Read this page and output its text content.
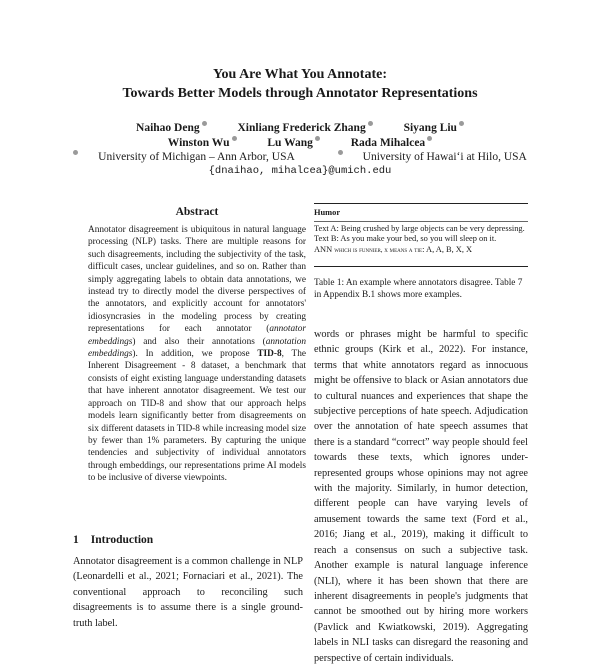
You Are What You Annotate:
Towards Better Models through Annotator Representations
Naihao Deng	Xinliang Frederick Zhang	Siyang Liu
Winston Wu	Lu Wang	Rada Mihalcea
University of Michigan – Ann Arbor, USA	University of Hawaiʻi at Hilo, USA
{dnaihao, mihalcea}@umich.edu
Abstract
Annotator disagreement is ubiquitous in natural language processing (NLP) tasks. There are multiple reasons for such disagreements, including the subjectivity of the task, difficult cases, unclear guidelines, and so on. Rather than simply aggregating labels to obtain data annotations, we instead try to directly model the diverse perspectives of the annotators, and explicitly account for annotators' idiosyncrasies in the modeling process by creating representations for each annotator (annotator embeddings) and also their annotations (annotation embeddings). In addition, we propose TID-8, The Inherent Disagreement - 8 dataset, a benchmark that consists of eight existing language understanding datasets that have inherent annotator disagreement. We test our approach on TID-8 and show that our approach helps models learn significantly better from disagreements on six different datasets in TID-8 while increasing model size by fewer than 1% parameters. By capturing the unique tendencies and subjectivity of individual annotators through embeddings, our representations prime AI models to be inclusive of diverse viewpoints.
Humor
Text A: Being crushed by large objects can be very depressing.
Text B: As you make your bed, so you will sleep on it.
ANN which is funnier, x means a tie: A, A, B, X, X
Table 1: An example where annotators disagree. Table 7 in Appendix B.1 shows more examples.
words or phrases might be harmful to specific ethnic groups (Kirk et al., 2022). For instance, terms that white annotators regard as innocuous might be offensive to black or Asian annotators due to cultural nuances and experiences that shape the subjective perceptions of hate speech. Adjudication over the annotation of hate speech assumes that there is a standard “correct” way people should feel towards these texts, which ignores under-represented groups whose opinions may not agree with the majority. Similarly, in humor detection, different people can have varying levels of amusement towards the same text (Ford et al., 2016; Jiang et al., 2019), making it difficult to reach a consensus on such a subjective task. Another example is natural language inference (NLI), where it has been shown that there are inherent disagreements in people's judgments that cannot be smoothed out by hiring more workers (Pavlick and Kwiatkowski, 2019). Aggregating labels in NLI tasks can disregard the reasoning and perspective of certain individuals.
1 Introduction
Annotator disagreement is a common challenge in NLP (Leonardelli et al., 2021; Fornaciari et al., 2021). The conventional approach to reconciling such disagreements is to assume there is a single ground-truth label.
